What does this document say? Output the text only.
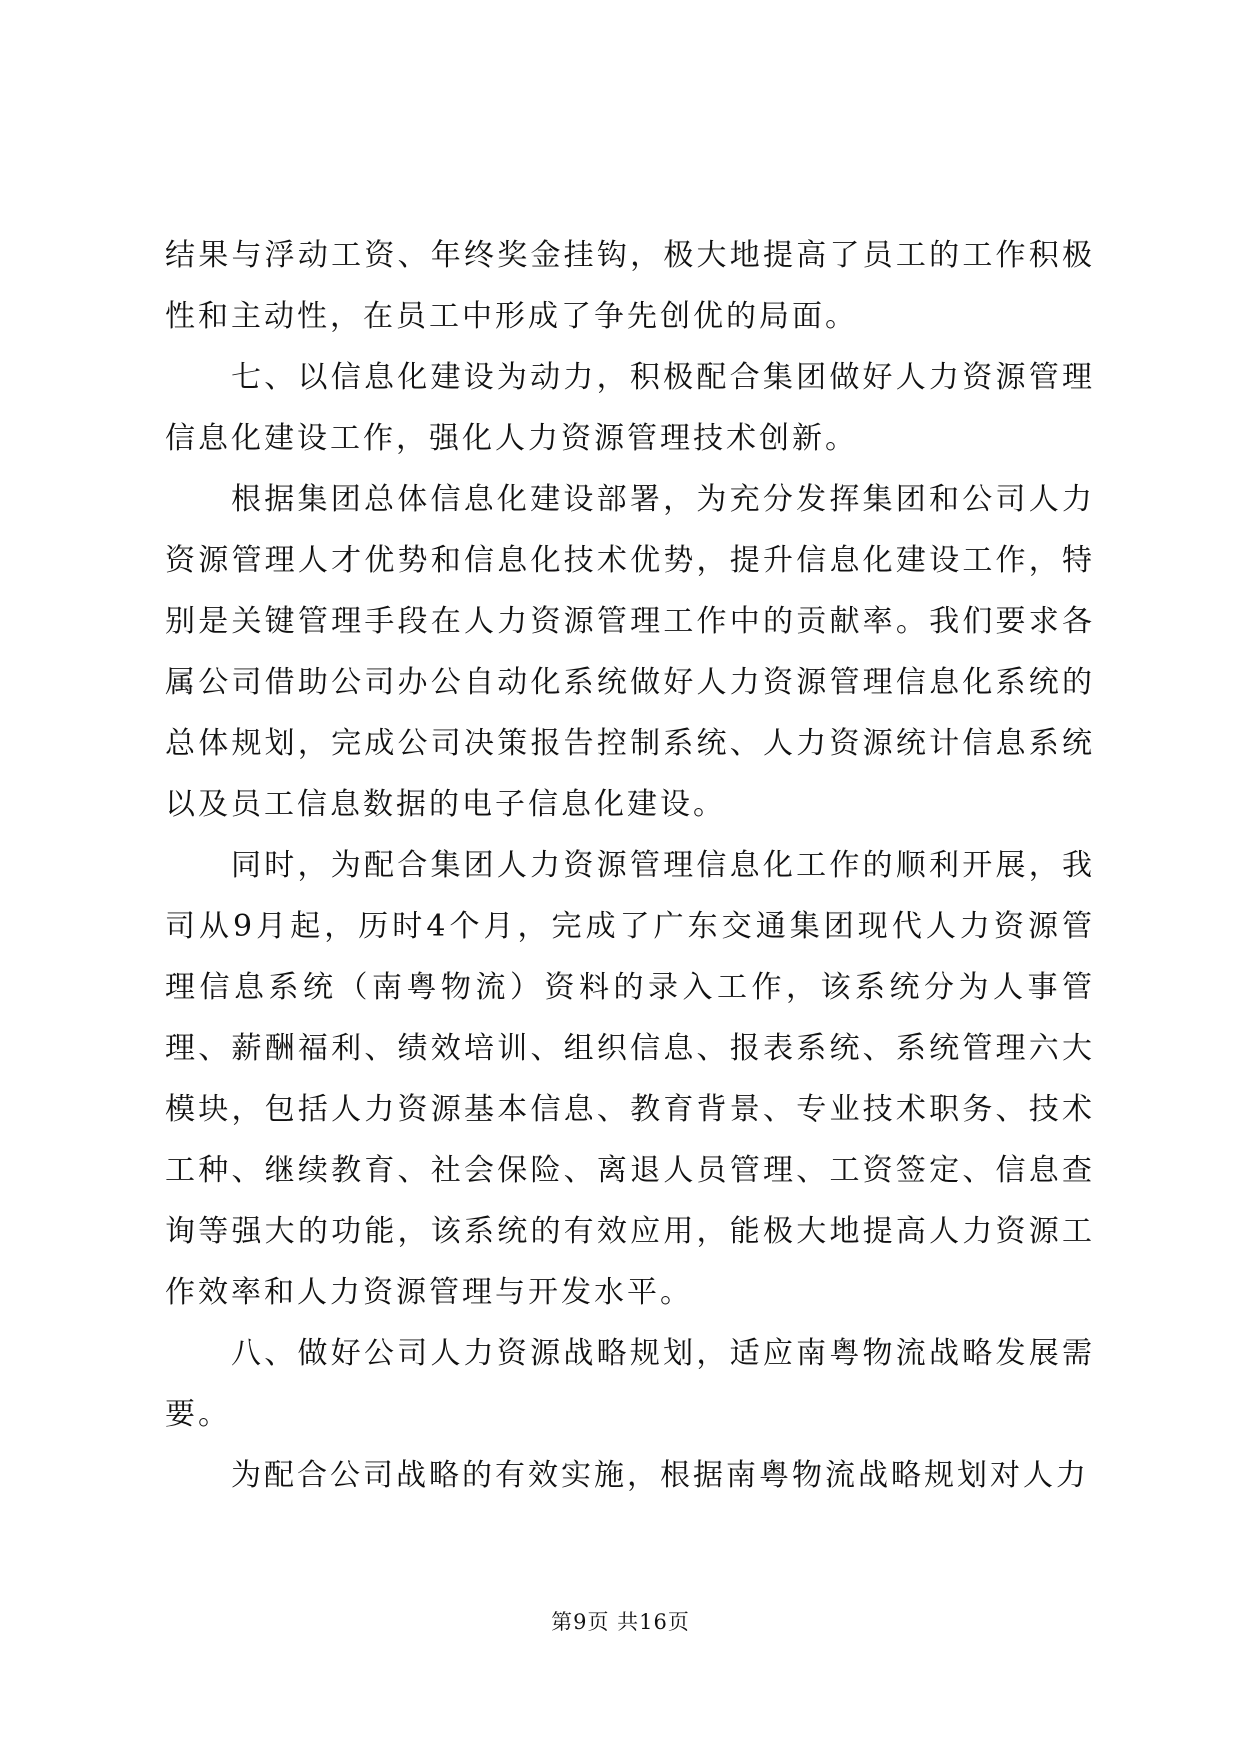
结果与浮动工资、年终奖金挂钩，极大地提高了员工的工作积极性和主动性，在员工中形成了争先创优的局面。

七、以信息化建设为动力，积极配合集团做好人力资源管理信息化建设工作，强化人力资源管理技术创新。

根据集团总体信息化建设部署，为充分发挥集团和公司人力资源管理人才优势和信息化技术优势，提升信息化建设工作，特别是关键管理手段在人力资源管理工作中的贡献率。我们要求各属公司借助公司办公自动化系统做好人力资源管理信息化系统的总体规划，完成公司决策报告控制系统、人力资源统计信息系统以及员工信息数据的电子信息化建设。

同时，为配合集团人力资源管理信息化工作的顺利开展，我司从9月起，历时4个月，完成了广东交通集团现代人力资源管理信息系统（南粤物流）资料的录入工作，该系统分为人事管理、薪酬福利、绩效培训、组织信息、报表系统、系统管理六大模块，包括人力资源基本信息、教育背景、专业技术职务、技术工种、继续教育、社会保险、离退人员管理、工资签定、信息查询等强大的功能，该系统的有效应用，能极大地提高人力资源工作效率和人力资源管理与开发水平。

八、做好公司人力资源战略规划，适应南粤物流战略发展需要。

为配合公司战略的有效实施，根据南粤物流战略规划对人力

第9页 共16页
